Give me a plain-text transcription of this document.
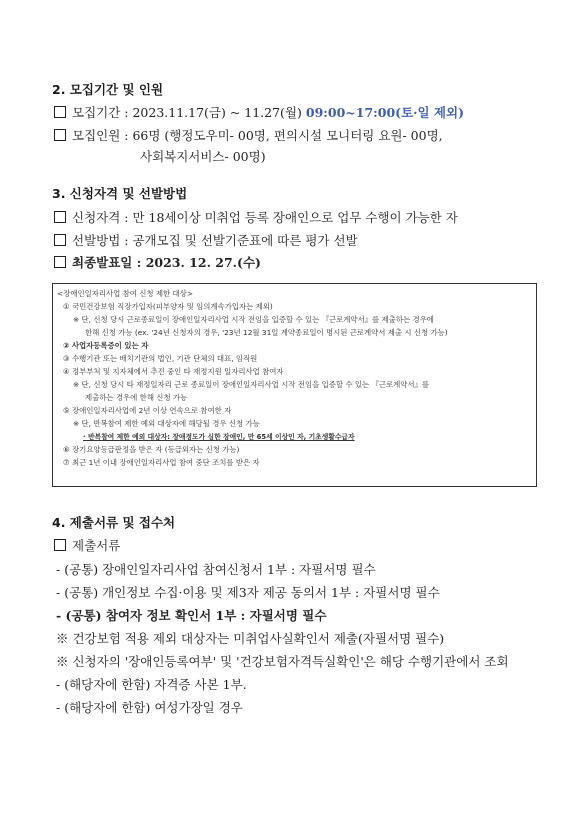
2. 모집기간 및 인원
모집기간 : 2023.11.17(금) ~ 11.27(월) 09:00~17:00(토·일 제외)
모집인원 : 66명 (행정도우미- 00명, 편의시설 모니터링 요원- 00명,
사회복지서비스- 00명)
3. 신청자격 및 선발방법
신청자격 : 만 18세이상 미취업 등록 장애인으로 업무 수행이 가능한 자
선발방법 : 공개모집 및 선발기준표에 따른 평가 선발
최종발표일 : 2023. 12. 27.(수)
<장애인일자리사업 참여 신청 제한 대상>
① 국민건강보험 직장가입자(피부양자 및 임의계속가입자는 제외)
※ 단, 신청 당시 근로종료일이 장애인일자리사업 시작 전임을 입증할 수 있는 『근로계약서』를 제출하는 경우에
한해 신청 가능 (ex. '24년 신청자의 경우, '23년 12월 31일 계약종료일이 명시된 근로계약서 제출 시 신청 가능)
② 사업자등록증이 있는 자
③ 수행기관 또는 배치기관의 법인, 기관 단체의 대표, 임직원
④ 정부부처 및 지자체에서 추진 중인 타 재정지원 일자리사업 참여자
※ 단, 신청 당시 타 재정일자리 근로 종료일이 장애인일자리사업 시작 전임을 입증할 수 있는 『근로계약서』를
제출하는 경우에 한해 신청 가능
⑤ 장애인일자리사업에 2년 이상 연속으로 참여한 자
※ 단, 반복참여 제한 예외 대상자에 해당될 경우 신청 가능
· 반복참여 제한 예외 대상자: 장애정도가 심한 장애인, 만 65세 이상인 자, 기초생활수급자
⑥ 장기요양등급판정을 받은 자 (등급외자는 신청 가능)
⑦ 최근 1년 이내 장애인일자리사업 참여 중단 조치를 받은 자
4. 제출서류 및 접수처
제출서류
- (공통) 장애인일자리사업 참여신청서 1부 : 자필서명 필수
- (공통) 개인정보 수집·이용 및 제3자 제공 동의서 1부 : 자필서명 필수
- (공통) 참여자 정보 확인서 1부 : 자필서명 필수
※ 건강보험 적용 제외 대상자는 미취업사실확인서 제출(자필서명 필수)
※ 신청자의 '장애인등록여부' 및 '건강보험자격득실확인'은 해당 수행기관에서 조회
- (해당자에 한함) 자격증 사본 1부.
- (해당자에 한함) 여성가장일 경우
